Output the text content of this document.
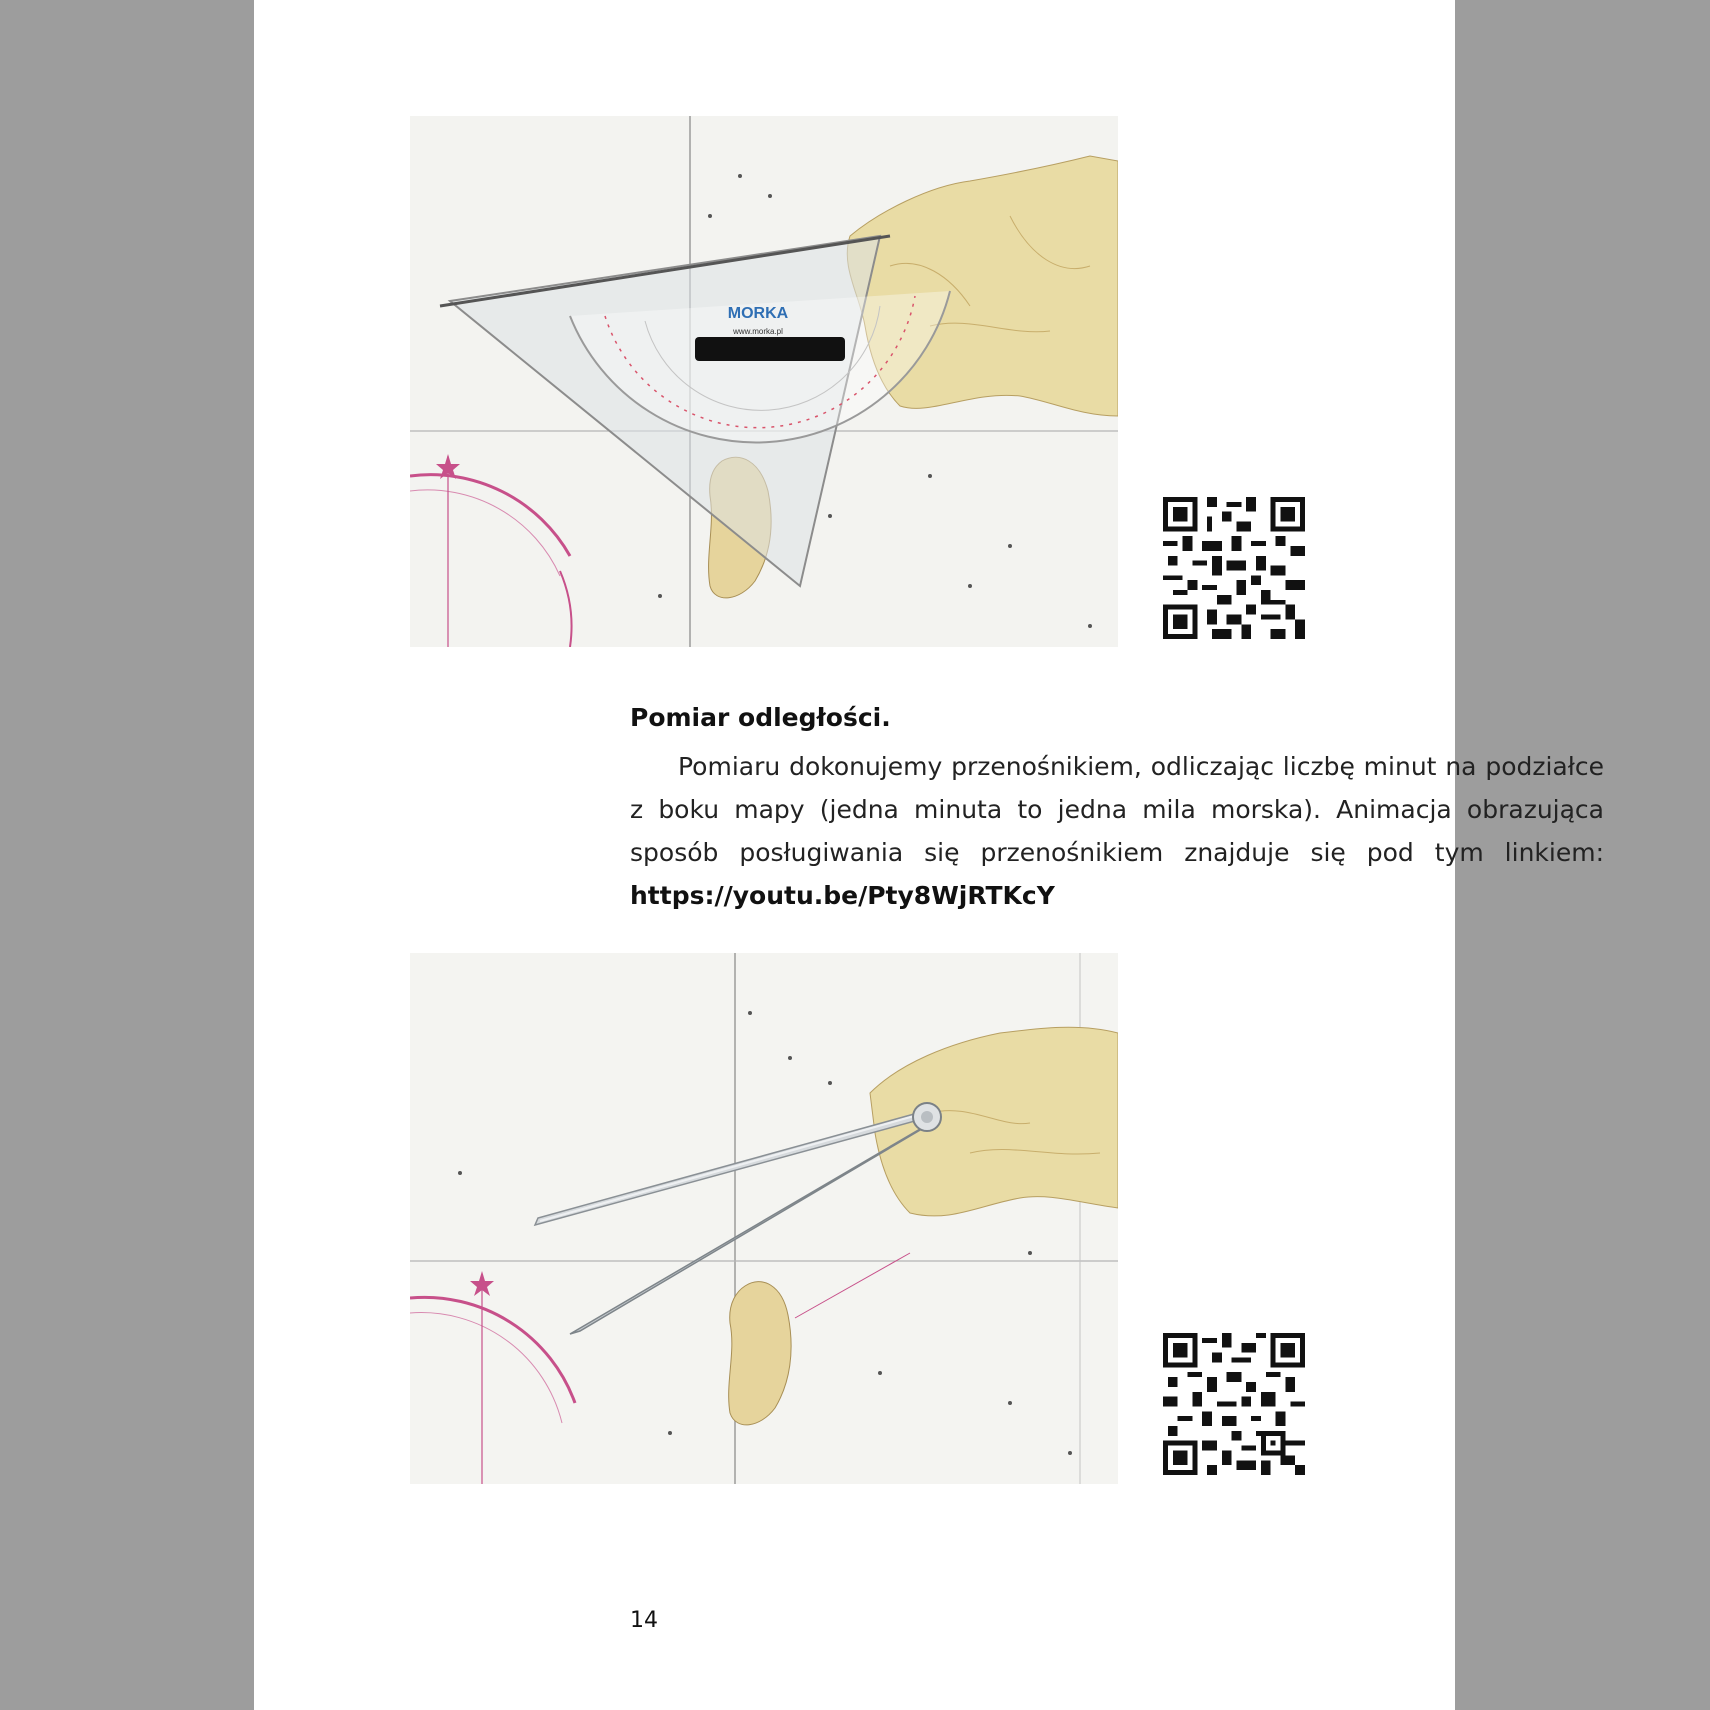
MORKA
www.morka.pl

Pomiar odległości.

Pomiaru dokonujemy przenośnikiem, odliczając liczbę minut na podziałce z boku mapy (jedna minuta to jedna mila morska). Animacja obrazująca sposób posługiwania się przenośnikiem znajduje się pod tym linkiem: https://youtu.be/Pty8WjRTKcY

14
